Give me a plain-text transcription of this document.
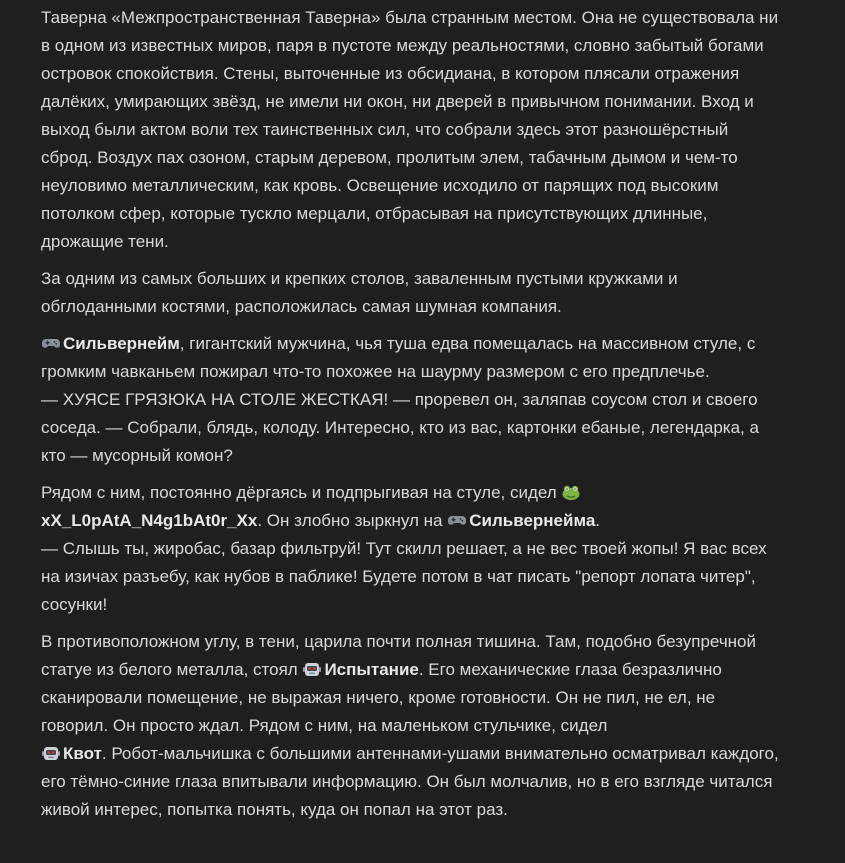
Таверна «Межпространственная Таверна» была странным местом. Она не существовала ни в одном из известных миров, паря в пустоте между реальностями, словно забытый богами островок спокойствия. Стены, выточенные из обсидиана, в котором плясали отражения далёких, умирающих звёзд, не имели ни окон, ни дверей в привычном понимании. Вход и выход были актом воли тех таинственных сил, что собрали здесь этот разношёрстный сброд. Воздух пах озоном, старым деревом, пролитым элем, табачным дымом и чем-то неуловимо металлическим, как кровь. Освещение исходило от парящих под высоким потолком сфер, которые тускло мерцали, отбрасывая на присутствующих длинные, дрожащие тени.

За одним из самых больших и крепких столов, заваленным пустыми кружками и обглоданными костями, расположилась самая шумная компания.

Сильвернейм, гигантский мужчина, чья туша едва помещалась на массивном стуле, с громким чавканьем пожирал что-то похожее на шаурму размером с его предплечье.
— ХУЯСЕ ГРЯЗЮКА НА СТОЛЕ ЖЕСТКАЯ! — проревел он, заляпав соусом стол и своего соседа. — Собрали, блядь, колоду. Интересно, кто из вас, картонки ебаные, легендарка, а кто — мусорный комон?

Рядом с ним, постоянно дёргаясь и подпрыгивая на стуле, сидел

xX_L0pAtA_N4g1bAt0r_Xx. Он злобно зыркнул на
Сильвернейма.
— Слышь ты, жиробас, базар фильтруй! Тут скилл решает, а не вес твоей жопы! Я вас всех на изичах разъебу, как нубов в паблике! Будете потом в чат писать "репорт лопата читер", сосунки!

В противоположном углу, в тени, царила почти полная тишина. Там, подобно безупречной статуе из белого металла, стоял
Испытание. Его механические глаза безразлично сканировали помещение, не выражая ничего, кроме готовности. Он не пил, не ел, не говорил. Он просто ждал. Рядом с ним, на маленьком стульчике, сидел

Квот. Робот-мальчишка с большими антеннами-ушами внимательно осматривал каждого, его тёмно-синие глаза впитывали информацию. Он был молчалив, но в его взгляде читался живой интерес, попытка понять, куда он попал на этот раз.
